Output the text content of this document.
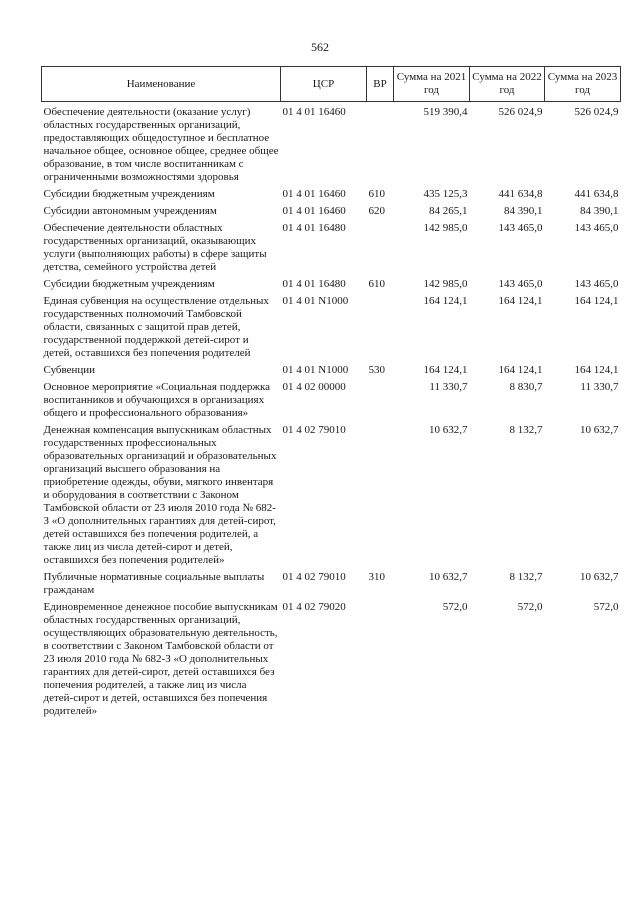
562
Наименование	ЦСР	ВР	Сумма на 2021 год	Сумма на 2022 год	Сумма на 2023 год

Обеспечение деятельности (оказание услуг) областных государственных организаций, предоставляющих общедоступное и бесплатное начальное общее, основное общее, среднее общее образование, в том числе воспитанникам с ограниченными возможностями здоровья	01 4 01 16460		519 390,4	526 024,9	526 024,9

Субсидии бюджетным учреждениям	01 4 01 16460	610	435 125,3	441 634,8	441 634,8

Субсидии автономным учреждениям	01 4 01 16460	620	84 265,1	84 390,1	84 390,1

Обеспечение деятельности областных государственных организаций, оказывающих услуги (выполняющих работы) в сфере защиты детства, семейного устройства детей	01 4 01 16480		142 985,0	143 465,0	143 465,0

Субсидии бюджетным учреждениям	01 4 01 16480	610	142 985,0	143 465,0	143 465,0

Единая субвенция на осуществление отдельных государственных полномочий Тамбовской области, связанных с защитой прав детей, государственной поддержкой детей-сирот и детей, оставшихся без попечения родителей	01 4 01 N1000		164 124,1	164 124,1	164 124,1

Субвенции	01 4 01 N1000	530	164 124,1	164 124,1	164 124,1

Основное мероприятие «Социальная поддержка воспитанников и обучающихся в организациях общего и профессионального образования»	01 4 02 00000		11 330,7	8 830,7	11 330,7

Денежная компенсация выпускникам областных государственных профессиональных образовательных организаций и образовательных организаций высшего образования на приобретение одежды, обуви, мягкого инвентаря и оборудования в соответствии с Законом Тамбовской области от 23 июля 2010 года № 682-З «О дополнительных гарантиях для детей-сирот, детей оставшихся без попечения родителей, а также лиц из числа детей-сирот и детей, оставшихся без попечения родителей»	01 4 02 79010		10 632,7	8 132,7	10 632,7

Публичные нормативные социальные выплаты гражданам	01 4 02 79010	310	10 632,7	8 132,7	10 632,7

Единовременное денежное пособие выпускникам областных государственных организаций, осуществляющих образовательную деятельность, в соответствии с Законом Тамбовской области от 23 июля 2010 года № 682-З «О дополнительных гарантиях для детей-сирот, детей оставшихся без попечения родителей, а также лиц из числа детей-сирот и детей, оставшихся без попечения родителей»	01 4 02 79020		572,0	572,0	572,0
